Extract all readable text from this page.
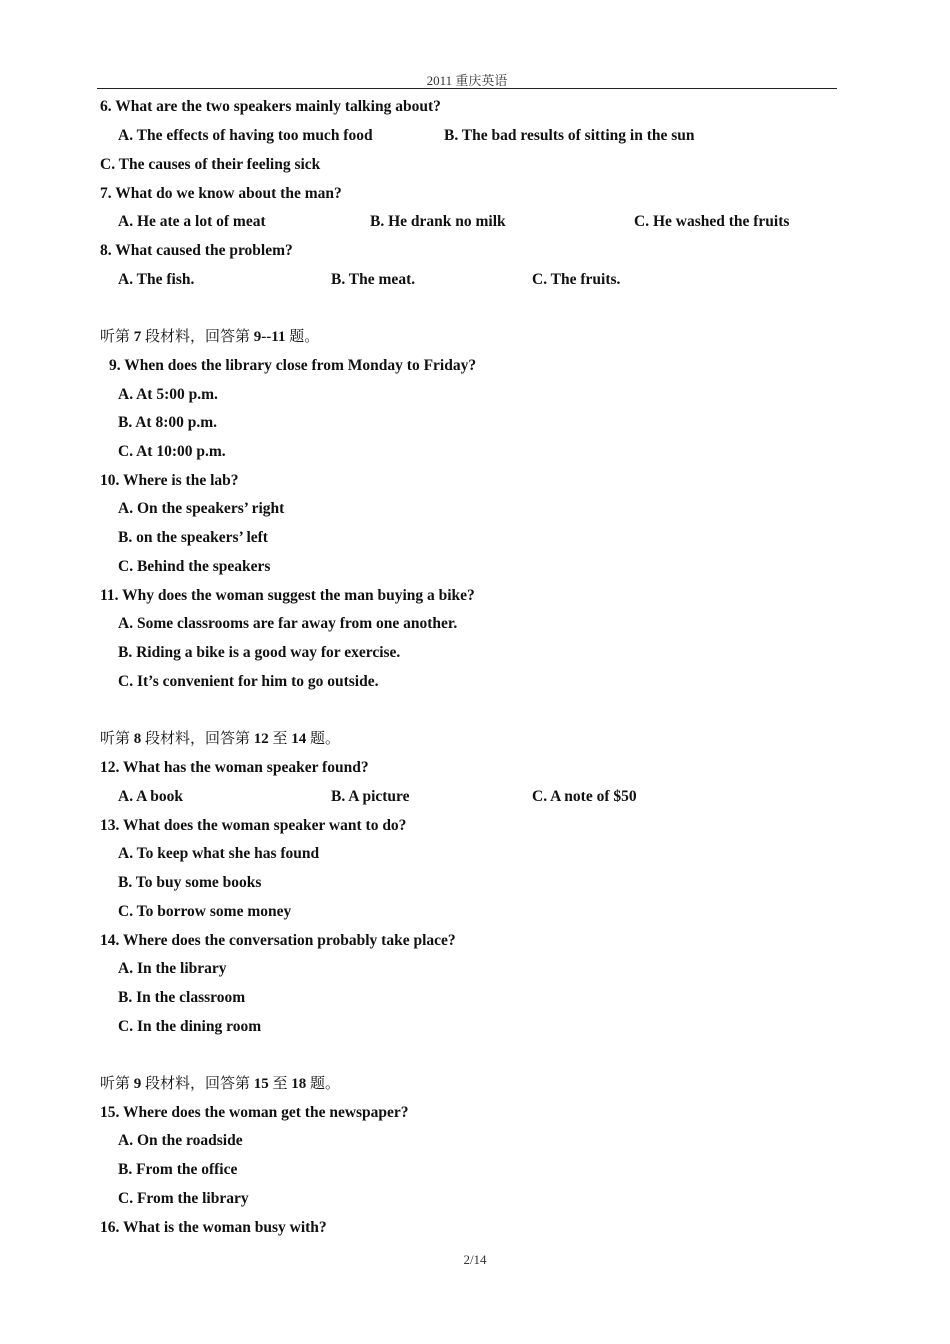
2011 重庆英语
6. What are the two speakers mainly talking about?
A. The effects of having too much food	B. The bad results of sitting in the sun
C. The causes of their feeling sick
7. What do we know about the man?
A. He ate a lot of meat	B. He drank no milk	C. He washed the fruits
8. What caused the problem?
A. The fish.	B. The meat.	C. The fruits.
听第 7 段材料，回答第 9--11 题。
9. When does the library close from Monday to Friday?
A. At 5:00 p.m.
B. At 8:00 p.m.
C. At 10:00 p.m.
10. Where is the lab?
A. On the speakers’ right
B. on the speakers’ left
C. Behind the speakers
11. Why does the woman suggest the man buying a bike?
A. Some classrooms are far away from one another.
B. Riding a bike is a good way for exercise.
C. It’s convenient for him to go outside.
听第 8 段材料，回答第 12 至 14 题。
12. What has the woman speaker found?
A. A book	B. A picture	C. A note of $50
13. What does the woman speaker want to do?
A. To keep what she has found
B. To buy some books
C. To borrow some money
14. Where does the conversation probably take place?
A. In the library
B. In the classroom
C. In the dining room
听第 9 段材料，回答第 15 至 18 题。
15. Where does the woman get the newspaper?
A. On the roadside
B. From the office
C. From the library
16. What is the woman busy with?
2/14
